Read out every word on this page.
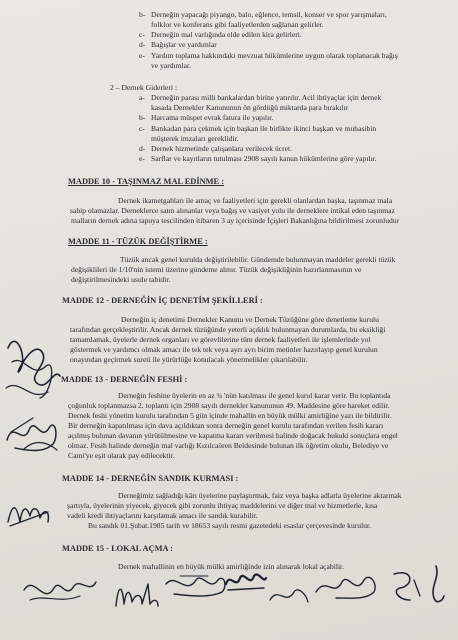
b- Derneğin yapacağı piyango, balo, eğlence, temsil, konser ve spor yarışmaları,
folklor ve konferans gibi faaliyetlerden sağlanan gelirler.
c- Derneğin mal varlığında elde edilen kira gelirleri.
d- Bağışlar ve yardımlar
e- Yardım toplama hakkındaki mevzuat hükümlerine uygun olarak toplanacak bağış
ve yardımlar.
2 – Dernek Giderleri :
a- Derneğin parası milli bankalardan birine yatırılır. Acil ihtiyaçlar için dernek
kasada Dernekler Kanununun ön gördüğü miktarda para bırakılır
b- Harcama müspet evrak fatura ile yapılır.
c- Bankadan para çekmek için başkan ile birlikte ikinci başkan ve muhasibin
müşterek imzaları gereklidir.
d- Dernek hizmetinde çalışanlara verilecek ücret.
e- Sarflar ve kayıtların tutulması 2908 sayılı kanun hükümlerine göre yapılır.
MADDE 10 - TAŞINMAZ MAL EDİNME :
Dernek ikametgahları ile amaç ve faaliyetleri için gerekli olanlardan başka, taşınmaz mala
sahip olamazlar. Derneklerce satın alınanlar veya bağış ve vasiyet yolu ile derneklere intikal eden taşınmaz
malların dernek adına tapuya tescilinden itibaren 3 ay içerisinde İçişleri Bakanlığına bildirilmesi zorunludur
MADDE 11 - TÜZÜK DEĞİŞTİRME :
Tüzük ancak genel kurulda değiştirilebilir. Gündemde bulunmayan maddeler gerekli tüzük
değişiklileri ile 1/10'nin istemi üzerine gündeme alınır. Tüzük değişikliğinin hazırlanmasının ve
değiştirilmesindeki usule tabidir.
MADDE 12 - DERNEĞİN İÇ DENETİM ŞEKİLLERİ :
Derneğin iç denetimi Dernekler Kanunu ve Dernek Tüzüğüne göre denetleme kurulu
tarafından gerçekleştirilir. Ancak dernek tüzüğünde yeterli açıklık bulunmayan durumlarda, bu eksikliği
tamamlamak, üyelerle dernek organları ve görevlilerine tüm dernek faaliyetleri ile işlemlerinde yol
göstermek ve yardımcı olmak amacı ile tek tek veya ayrı ayrı birim metinler hazırlayıp genel kurulun
onayından geçirmek sureti ile yürürlüğe konulacak yönetmelikler çıkarılabilir.
MADDE 13 - DERNEĞİN FESHİ :
Derneğin feshine üyelerin en az ¾ 'nün katılması ile genel kurul karar verir. Bu toplantıda
çoğunluk toplanmazsa 2. toplantı için 2908 sayılı dernekler kanununun 49. Maddesine göre hareket edilir.
Dernek feshi yönetim kurulu tarafından 5 gün içinde mahallin en büyük mülki amirliğine yazı ile bildirilir.
Bir derneğin kapatılması için dava açıldıktan sonra derneğin genel kurulu tarafından verilen fesih kararı
açılmış bulunan davanın yürütülmesine ve kapatma kararı verilmesi halinde doğacak hukuki sonuçlara engel
olmaz. Fesih halinde derneğin mal varlığı Kızılcaören Beldesinde bulunan ilk öğretim okulu, Belediye ve
Cami'ye eşit olarak pay edilecektir.
MADDE 14 - DERNEĞİN SANDIK KURMASI :
Derneğimiz sağladığı kârı üyelerine paylaştırmak, faiz veya başka adlarla üyelerine aktarmak
şartıyla, üyelerinin yiyecek, giyecek gibi zorunlu ihtiyaç maddelerini ve diğer mal ve hizmetlerle, kısa
vadeli kredi ihtiyaçlarını karşılamak amacı ile sandık kurabilir.
Bu sandık 01.Şubat.1985 tarih ve 18653 sayılı resmi gazetedeki esaslar çerçevesinde kurulur.
MADDE 15 - LOKAL AÇMA :
Dernek mahallinin en büyük mülki amirliğinde izin alınarak lokal açabilir.
